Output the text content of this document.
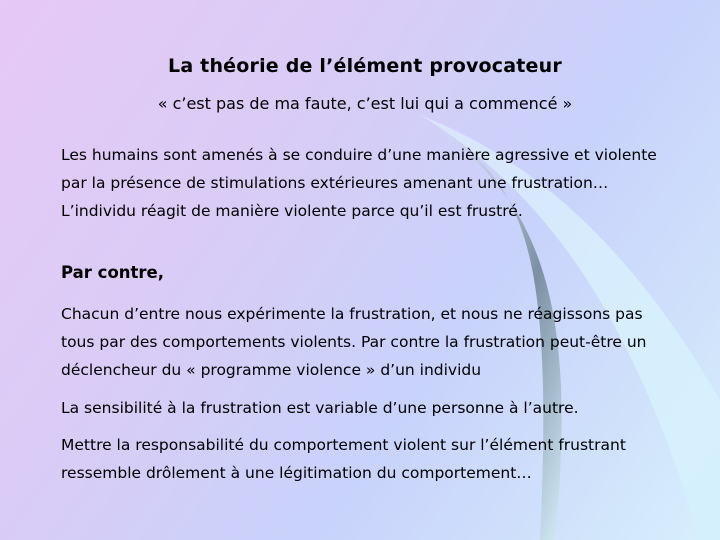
La théorie de l’élément provocateur

« c’est pas de ma faute, c’est lui qui a commencé »

Les humains sont amenés à se conduire d’une manière agressive et violente

par la présence de stimulations extérieures amenant une frustration…

L’individu réagit de manière violente parce qu’il est frustré.

Par contre,

Chacun d’entre nous expérimente la frustration, et nous ne réagissons pas

tous par des comportements violents. Par contre la frustration peut-être un

déclencheur du « programme violence » d’un individu

La sensibilité à la frustration est variable d’une personne à l’autre.

Mettre la responsabilité du comportement violent sur l’élément frustrant

ressemble drôlement à une légitimation du comportement…
